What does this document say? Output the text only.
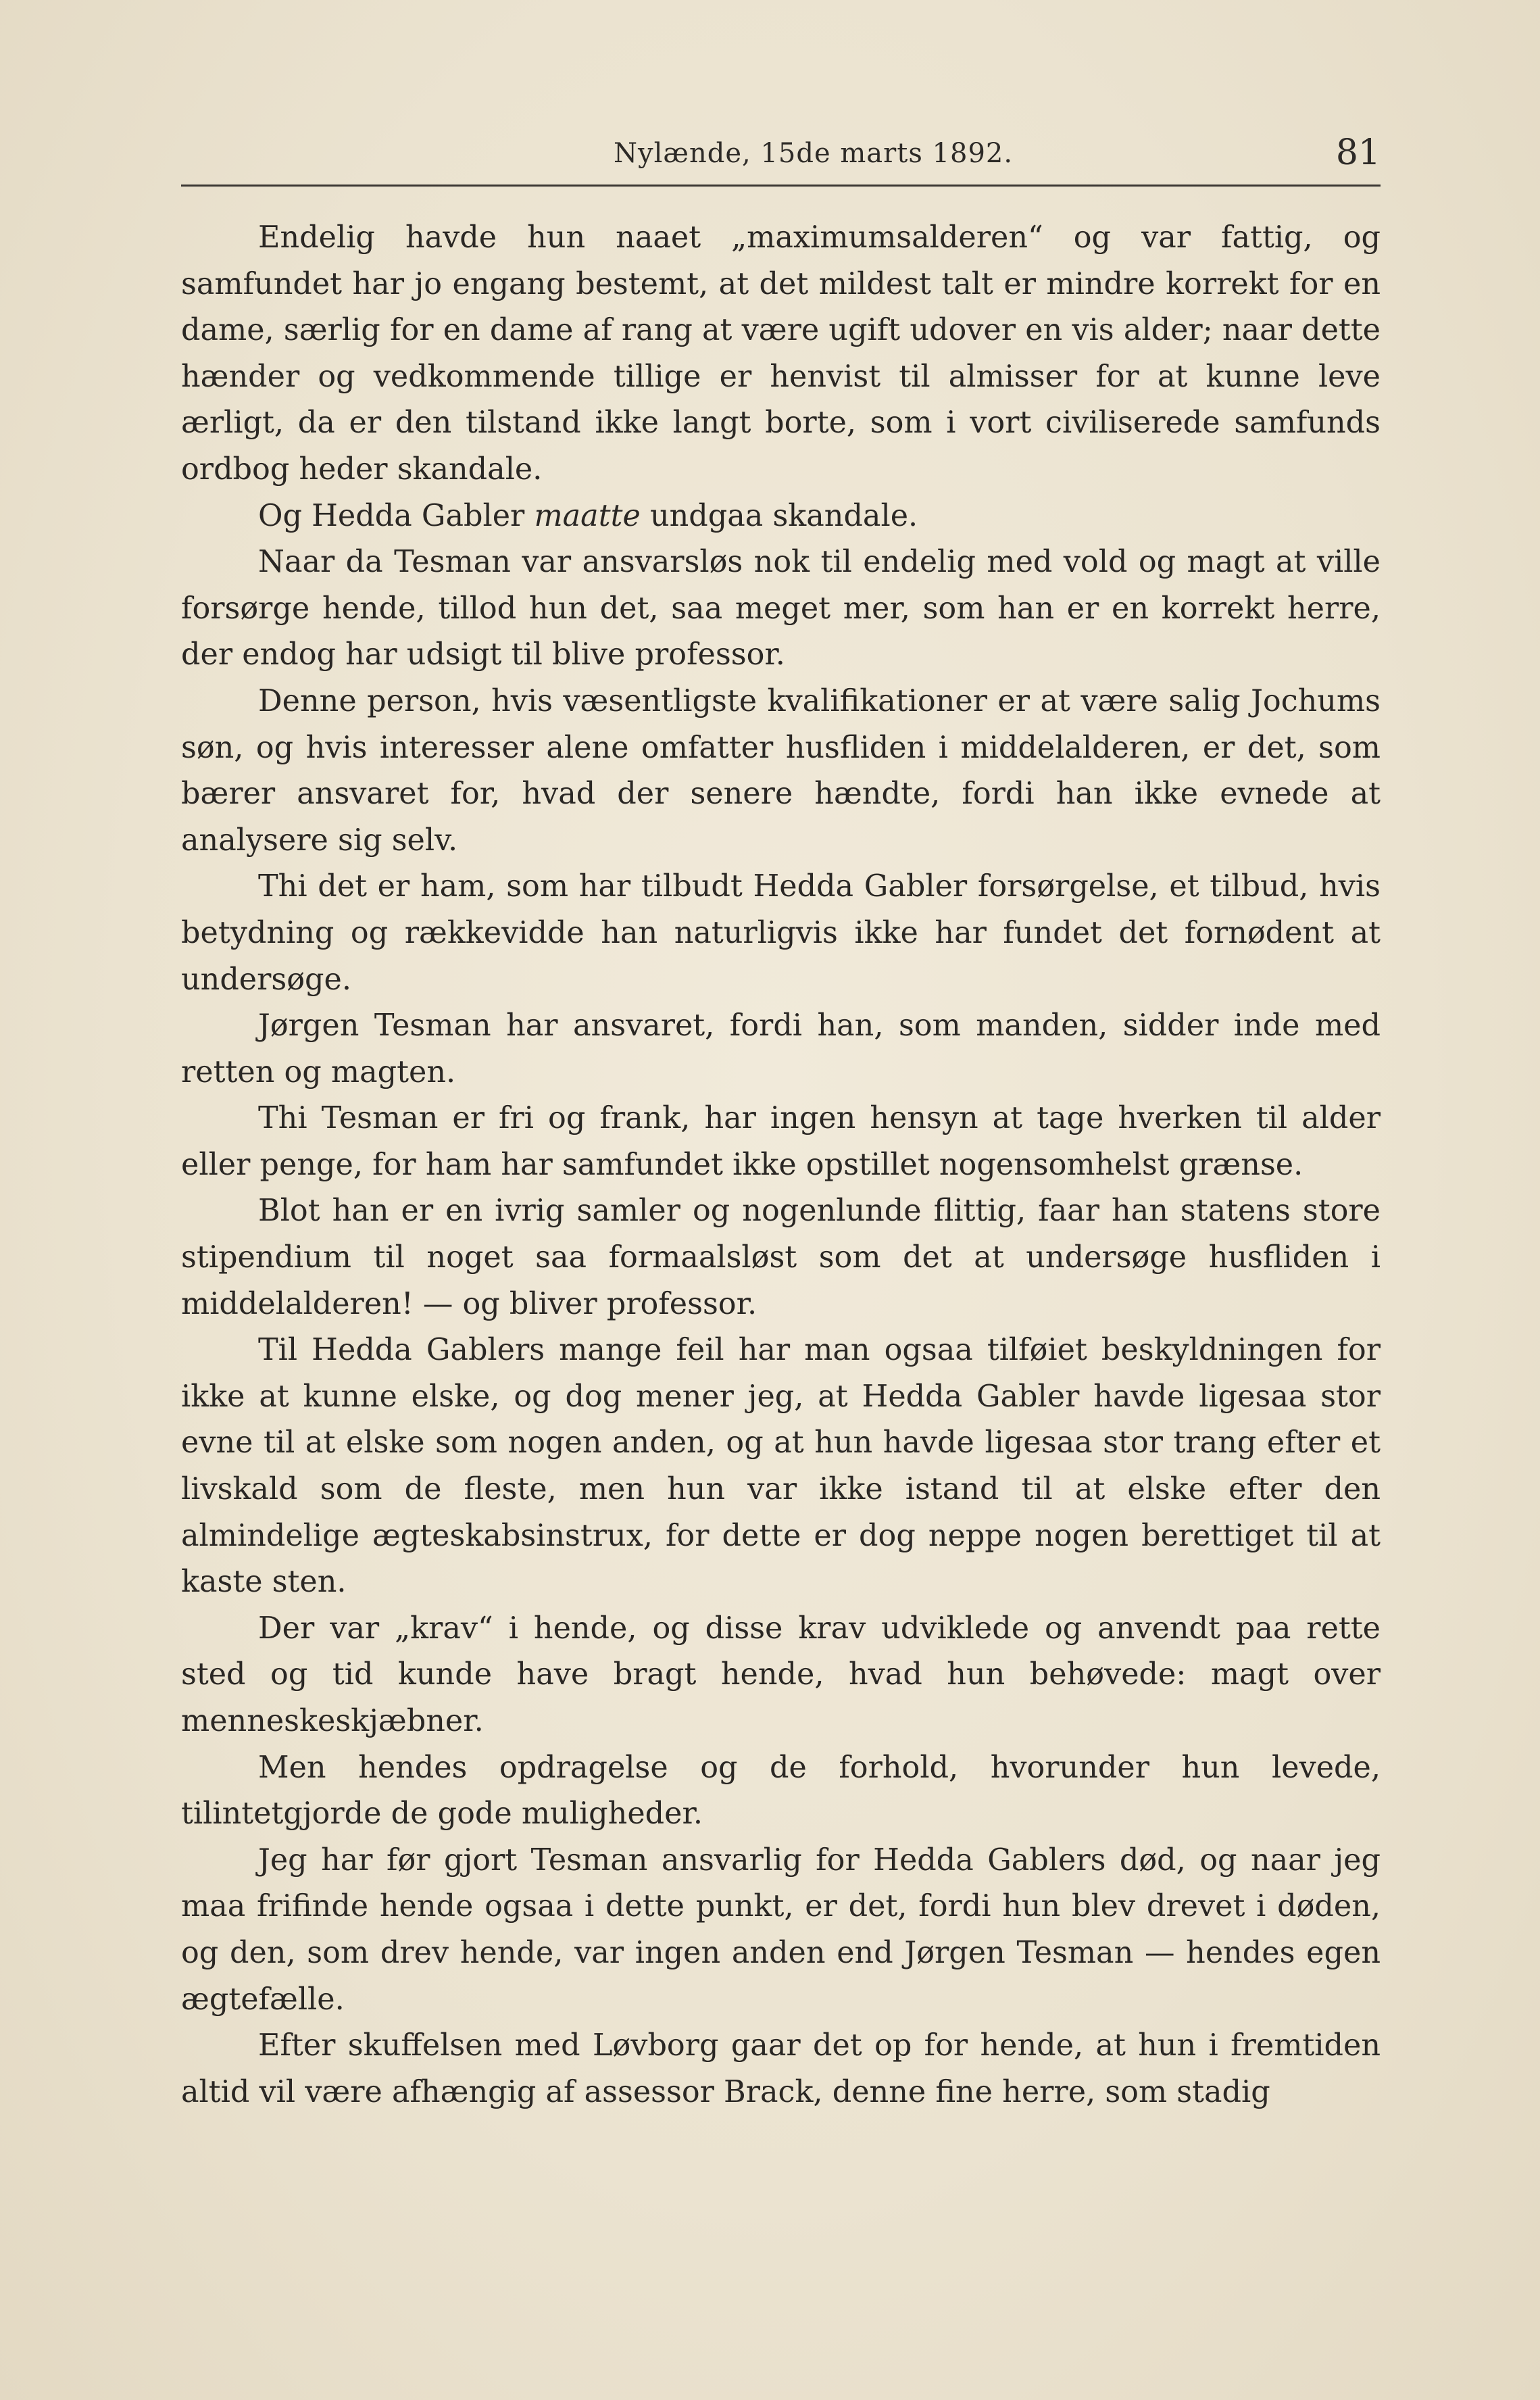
Nylænde, 15de marts 1892.	81

Endelig havde hun naaet „maximumsalderen“ og var fattig, og samfundet har jo engang bestemt, at det mildest talt er mindre korrekt for en dame, særlig for en dame af rang at være ugift udover en vis alder; naar dette hænder og vedkommende tillige er henvist til almisser for at kunne leve ærligt, da er den tilstand ikke langt borte, som i vort civiliserede samfunds ordbog heder skandale.

Og Hedda Gabler maatte undgaa skandale.

Naar da Tesman var ansvarsløs nok til endelig med vold og magt at ville forsørge hende, tillod hun det, saa meget mer, som han er en korrekt herre, der endog har udsigt til blive professor.

Denne person, hvis væsentligste kvalifikationer er at være salig Jochums søn, og hvis interesser alene omfatter husfliden i middelalderen, er det, som bærer ansvaret for, hvad der senere hændte, fordi han ikke evnede at analysere sig selv.

Thi det er ham, som har tilbudt Hedda Gabler forsørgelse, et tilbud, hvis betydning og rækkevidde han naturligvis ikke har fundet det fornødent at undersøge.

Jørgen Tesman har ansvaret, fordi han, som manden, sidder inde med retten og magten.

Thi Tesman er fri og frank, har ingen hensyn at tage hverken til alder eller penge, for ham har samfundet ikke opstillet nogensomhelst grænse.

Blot han er en ivrig samler og nogenlunde flittig, faar han statens store stipendium til noget saa formaalsløst som det at undersøge husfliden i middelalderen! — og bliver professor.

Til Hedda Gablers mange feil har man ogsaa tilføiet beskyldningen for ikke at kunne elske, og dog mener jeg, at Hedda Gabler havde ligesaa stor evne til at elske som nogen anden, og at hun havde ligesaa stor trang efter et livskald som de fleste, men hun var ikke istand til at elske efter den almindelige ægteskabsinstrux, for dette er dog neppe nogen berettiget til at kaste sten.

Der var „krav“ i hende, og disse krav udviklede og anvendt paa rette sted og tid kunde have bragt hende, hvad hun behøvede: magt over menneskeskjæbner.

Men hendes opdragelse og de forhold, hvorunder hun levede, tilintetgjorde de gode muligheder.

Jeg har før gjort Tesman ansvarlig for Hedda Gablers død, og naar jeg maa frifinde hende ogsaa i dette punkt, er det, fordi hun blev drevet i døden, og den, som drev hende, var ingen anden end Jørgen Tesman — hendes egen ægtefælle.

Efter skuffelsen med Løvborg gaar det op for hende, at hun i fremtiden altid vil være afhængig af assessor Brack, denne fine herre, som stadig
